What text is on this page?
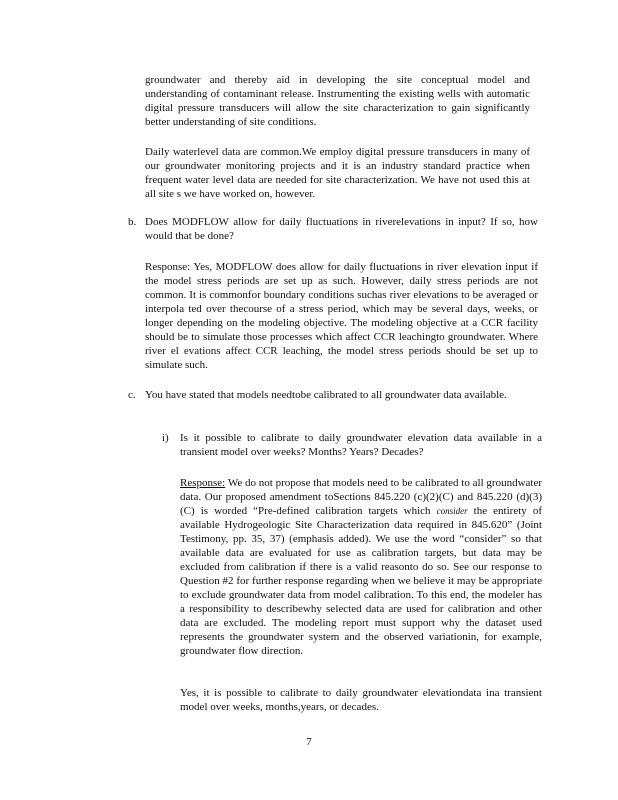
groundwater and thereby aid in developing the site conceptual model and understanding of contaminant release. Instrumenting the existing wells with automatic digital pressure transducers will allow the site characterization to gain significantly better understanding of site conditions.

Daily waterlevel data are common.We employ digital pressure transducers in many of our groundwater monitoring projects and it is an industry standard practice when frequent water level data are needed for site characterization. We have not used this at all site s we have worked on, however.

b. Does MODFLOW allow for daily fluctuations in riverelevations in input? If so, how would that be done?

Response: Yes, MODFLOW does allow for daily fluctuations in river elevation input if the model stress periods are set up as such. However, daily stress periods are not common. It is commonfor boundary conditions suchas river elevations to be averaged or interpola ted over thecourse of a stress period, which may be several days, weeks, or longer depending on the modeling objective. The modeling objective at a CCR facility should be to simulate those processes which affect CCR leachingto groundwater. Where river el evations affect CCR leaching, the model stress periods should be set up to simulate such.

c. You have stated that models needtobe calibrated to all groundwater data available.
i)	Is it possible to calibrate to daily groundwater elevation data available in a transient model over weeks? Months? Years? Decades?

Response: We do not propose that models need to be calibrated to all groundwater data. Our proposed amendment toSections 845.220 (c)(2)(C) and 845.220 (d)(3)(C) is worded “Pre-defined calibration targets which consider the entirety of available Hydrogeologic Site Characterization data required in 845.620” (Joint Testimony, pp. 35, 37) (emphasis added). We use the word “consider” so that available data are evaluated for use as calibration targets, but data may be excluded from calibration if there is a valid reasonto do so. See our response to Question #2 for further response regarding when we believe it may be appropriate to exclude groundwater data from model calibration. To this end, the modeler has a responsibility to describewhy selected data are used for calibration and other data are excluded. The modeling report must support why the dataset used represents the groundwater system and the observed variationin, for example, groundwater flow direction.

Yes, it is possible to calibrate to daily groundwater elevationdata ina transient model over weeks, months,years, or decades.

7
